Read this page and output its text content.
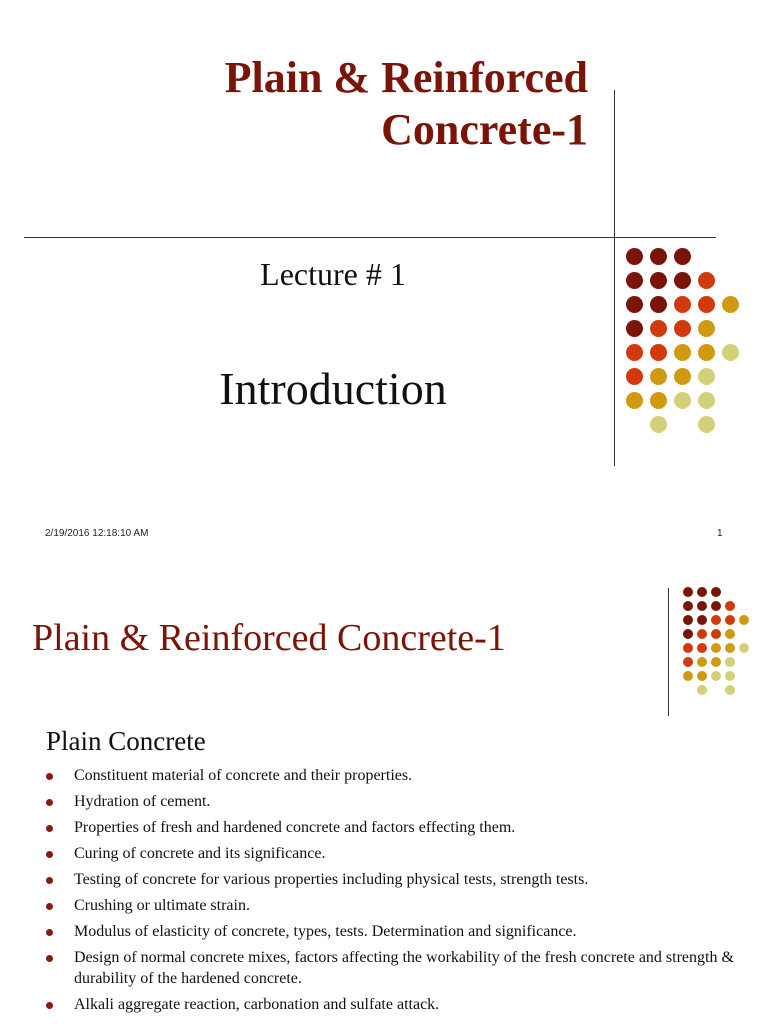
Plain & Reinforced
Concrete-1
Lecture # 1
Introduction
2/19/2016 12:18:10 AM	1
Plain & Reinforced Concrete-1
Plain Concrete
Constituent material of concrete and their properties.
Hydration of cement.
Properties of fresh and hardened concrete and factors effecting them.
Curing of concrete and its significance.
Testing of concrete for various properties including physical tests, strength tests.
Crushing or ultimate strain.
Modulus of elasticity of concrete, types, tests. Determination and significance.
Design of normal concrete mixes, factors affecting the workability of the fresh concrete and strength & durability of the hardened concrete.
Alkali aggregate reaction, carbonation and sulfate attack.
